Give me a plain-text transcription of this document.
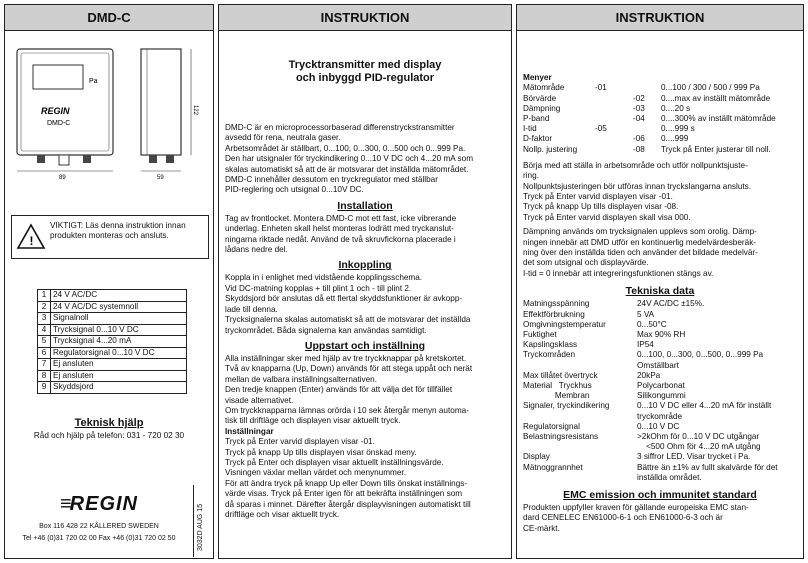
DMD-C
Pa
REGIN
DMD-C
89
122
59
!

VIKTIGT: Läs denna instruktion innan produkten monteras och ansluts.

1	24 V AC/DC
2	24 V AC/DC systemnoll
3	Signalnoll
4	Trycksignal 0...10 V DC
5	Trycksignal 4...20 mA
6	Regulatorsignal 0...10 V DC
7	Ej ansluten
8	Ej ansluten
9	Skyddsjord
Teknisk hjälp

Råd och hjälp på telefon: 031 - 720 02 30

≡REGIN

Box 116 428 22 KÅLLERED SWEDEN

Tel +46 (0)31 720 02 00 Fax +46 (0)31 720 02 50	3032D AUG 15
INSTRUKTION
Trycktransmitter med display
och inbyggd PID-regulator

DMD-C är en microprocessorbaserad differenstryckstransmitter

avsedd för rena, neutrala gaser.

Arbetsområdet är ställbart, 0...100, 0...300, 0...500 och 0...999 Pa.

Den har utsignaler för tryckindikering 0...10 V DC och 4...20 mA som

skalas automatiskt så att de är motsvarar det inställda mätområdet.

DMD-C innehåller dessutom en tryckregulator med ställbar

PID-reglering och utsignal 0...10V DC.

Installation

Tag av frontlocket. Montera DMD-C mot ett fast, icke vibrerande

underlag. Enheten skall helst monteras lodrätt med tryckanslut-

ningarna riktade nedåt. Använd de två skruvfickorna placerade i

lådans nedre del.

Inkoppling

Koppla in i enlighet med vidstående kopplingsschema.

Vid DC-matning kopplas + till plint 1 och - till plint 2.

Skyddsjord bör anslutas då ett flertal skyddsfunktioner är avkopp-

lade till denna.

Trycksignalerna skalas automatiskt så att de motsvarar det inställda

tryckområdet. Båda signalerna kan användas samtidigt.

Uppstart och inställning

Alla inställningar sker med hjälp av tre tryckknappar på kretskortet.

Två av knapparna (Up, Down) används för att stega uppåt och nerät

mellan de valbara inställningsalternativen.

Den tredje knappen (Enter) används för att välja det för tillfället

visade alternativet.

Om tryckknapparna lämnas orörda i 10 sek återgår menyn automa-

tisk till driftläge och displayen visar aktuellt tryck.

Inställningar

Tryck på Enter varvid displayen visar -01.

Tryck på knapp Up tills displayen visar önskad meny.

Tryck på Enter och displayen visar aktuellt inställningsvärde.

Visningen växlar mellan värdet och menynummer.

För att ändra tryck på knapp Up eller Down tills önskat inställnings-

värde visas. Tryck på Enter igen för att bekräfta inställningen som

då sparas i minnet. Därefter återgår displayvisningen automatiskt till

driftläge och visar aktuellt tryck.

INSTRUKTION

Menyer

Mätområde	-01		0...100 / 300 / 500 / 999 Pa
Börvärde		-02	0....max av inställt mätområde
Dämpning		-03	0....20 s
P-band		-04	0....300% av inställt mätområde
I-tid	-05		0....999 s
D-faktor		-06	0....999
Nollp. justering		-08	Tryck på Enter justerar till noll.

Börja med att ställa in arbetsområde och utför nollpunktsjuste-

ring.

Nollpunktsjusteringen bör utföras innan tryckslangarna ansluts.

Tryck på Enter varvid displayen visar -01.

Tryck på knapp Up tills displayen visar -08.

Tryck på Enter varvid displayen skall visa 000.

Dämpning används om trycksignalen upplevs som orolig. Dämp-

ningen innebär att DMD utför en kontinuerlig medelvärdesberäk-

ning över den inställda tiden och använder det bildade medelvär-

det som utsignal och displayvärde.

I-tid = 0 innebär att integreringsfunktionen stängs av.

Tekniska data
Matningsspänning	24V AC/DC ±15%.
Effektförbrukning	5 VA
Omgivningstemperatur	0...50°C
Fuktighet	Max 90% RH
Kapslingsklass	IP54
Tryckområden	0...100, 0...300, 0...500, 0...999 Pa
	Omställbart
Max tillåtet övertryck	20kPa
Material   Tryckhus	Polycarbonat
Membran	Silikongummi
Signaler, tryckindikering	0...10 V DC eller 4...20 mA för inställt
	tryckområde
Regulatorsignal	0...10 V DC
Belastningsresistans	>2kOhm för 0...10 V DC utgångar
	<500 Ohm för 4...20 mA utgång
Display	3 siffror LED. Visar trycket i Pa.
Mätnoggrannhet	Bättre än ±1% av fullt skalvärde för det
	inställda området.
EMC emission och immunitet standard

Produkten uppfyller kraven för gällande europeiska EMC stan-

dard CENELEC EN61000-6-1 och EN61000-6-3 och är

CE-märkt.
